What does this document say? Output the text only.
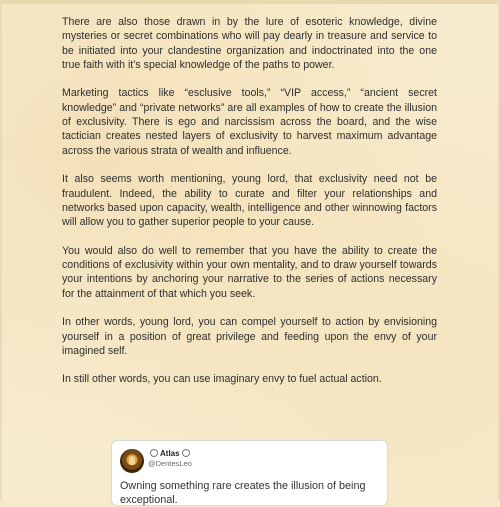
There are also those drawn in by the lure of esoteric knowledge, divine mysteries or secret combinations who will pay dearly in treasure and service to be initiated into your clandestine organization and indoctrinated into the one true faith with it’s special knowledge of the paths to power.

Marketing tactics like “esclusive tools,” “VIP access,” “ancient secret knowledge” and “private networks” are all examples of how to create the illusion of exclusivity. There is ego and narcissism across the board, and the wise tactician creates nested layers of exclusivity to harvest maximum advantage across the various strata of wealth and influence.

It also seems worth mentioning, young lord, that exclusivity need not be fraudulent. Indeed, the ability to curate and filter your relationships and networks based upon capacity, wealth, intelligence and other winnowing factors will allow you to gather superior people to your cause.

You would also do well to remember that you have the ability to create the conditions of exclusivity within your own mentality, and to draw yourself towards your intentions by anchoring your narrative to the series of actions necessary for the attainment of that which you seek.

In other words, young lord, you can compel yourself to action by envisioning yourself in a position of great privilege and feeding upon the envy of your imagined self.

In still other words, you can use imaginary envy to fuel actual action.

Atlas
@DentesLeo
Owning something rare creates the illusion of being exceptional.
